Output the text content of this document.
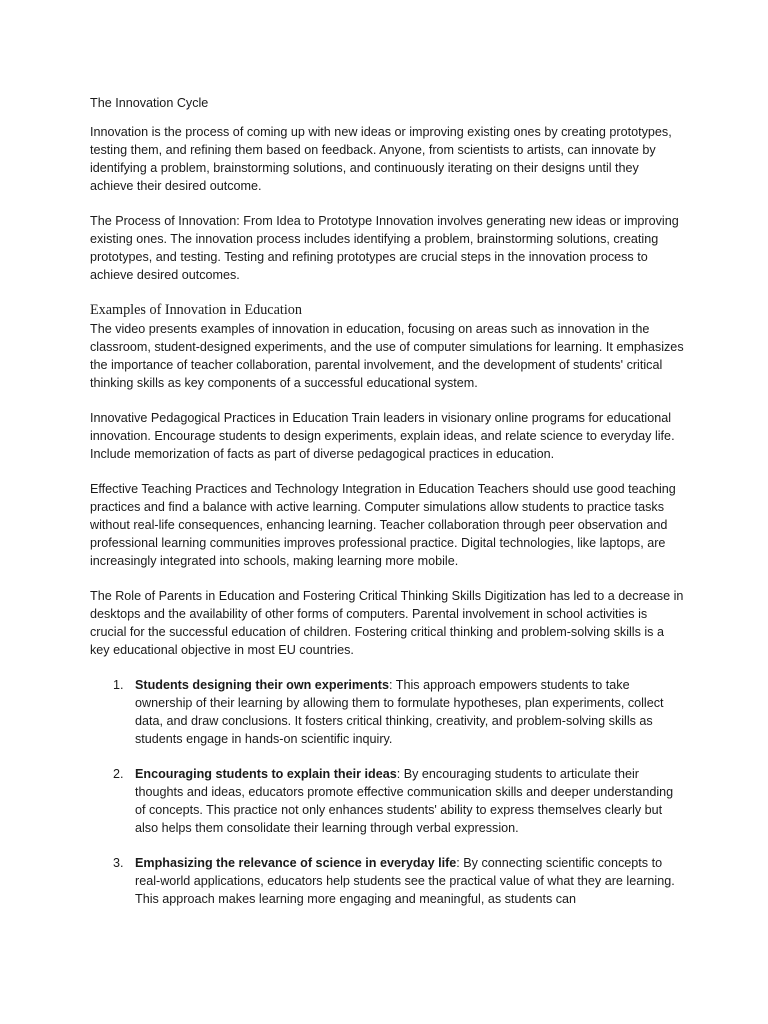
The Innovation Cycle

Innovation is the process of coming up with new ideas or improving existing ones by creating prototypes, testing them, and refining them based on feedback. Anyone, from scientists to artists, can innovate by identifying a problem, brainstorming solutions, and continuously iterating on their designs until they achieve their desired outcome.

The Process of Innovation: From Idea to Prototype Innovation involves generating new ideas or improving existing ones. The innovation process includes identifying a problem, brainstorming solutions, creating prototypes, and testing. Testing and refining prototypes are crucial steps in the innovation process to achieve desired outcomes.

Examples of Innovation in Education

The video presents examples of innovation in education, focusing on areas such as innovation in the classroom, student-designed experiments, and the use of computer simulations for learning. It emphasizes the importance of teacher collaboration, parental involvement, and the development of students' critical thinking skills as key components of a successful educational system.

Innovative Pedagogical Practices in Education Train leaders in visionary online programs for educational innovation. Encourage students to design experiments, explain ideas, and relate science to everyday life. Include memorization of facts as part of diverse pedagogical practices in education.

Effective Teaching Practices and Technology Integration in Education Teachers should use good teaching practices and find a balance with active learning. Computer simulations allow students to practice tasks without real-life consequences, enhancing learning. Teacher collaboration through peer observation and professional learning communities improves professional practice. Digital technologies, like laptops, are increasingly integrated into schools, making learning more mobile.

The Role of Parents in Education and Fostering Critical Thinking Skills Digitization has led to a decrease in desktops and the availability of other forms of computers. Parental involvement in school activities is crucial for the successful education of children. Fostering critical thinking and problem-solving skills is a key educational objective in most EU countries.

1. Students designing their own experiments: This approach empowers students to take ownership of their learning by allowing them to formulate hypotheses, plan experiments, collect data, and draw conclusions. It fosters critical thinking, creativity, and problem-solving skills as students engage in hands-on scientific inquiry.
2. Encouraging students to explain their ideas: By encouraging students to articulate their thoughts and ideas, educators promote effective communication skills and deeper understanding of concepts. This practice not only enhances students' ability to express themselves clearly but also helps them consolidate their learning through verbal expression.
3. Emphasizing the relevance of science in everyday life: By connecting scientific concepts to real-world applications, educators help students see the practical value of what they are learning. This approach makes learning more engaging and meaningful, as students can
